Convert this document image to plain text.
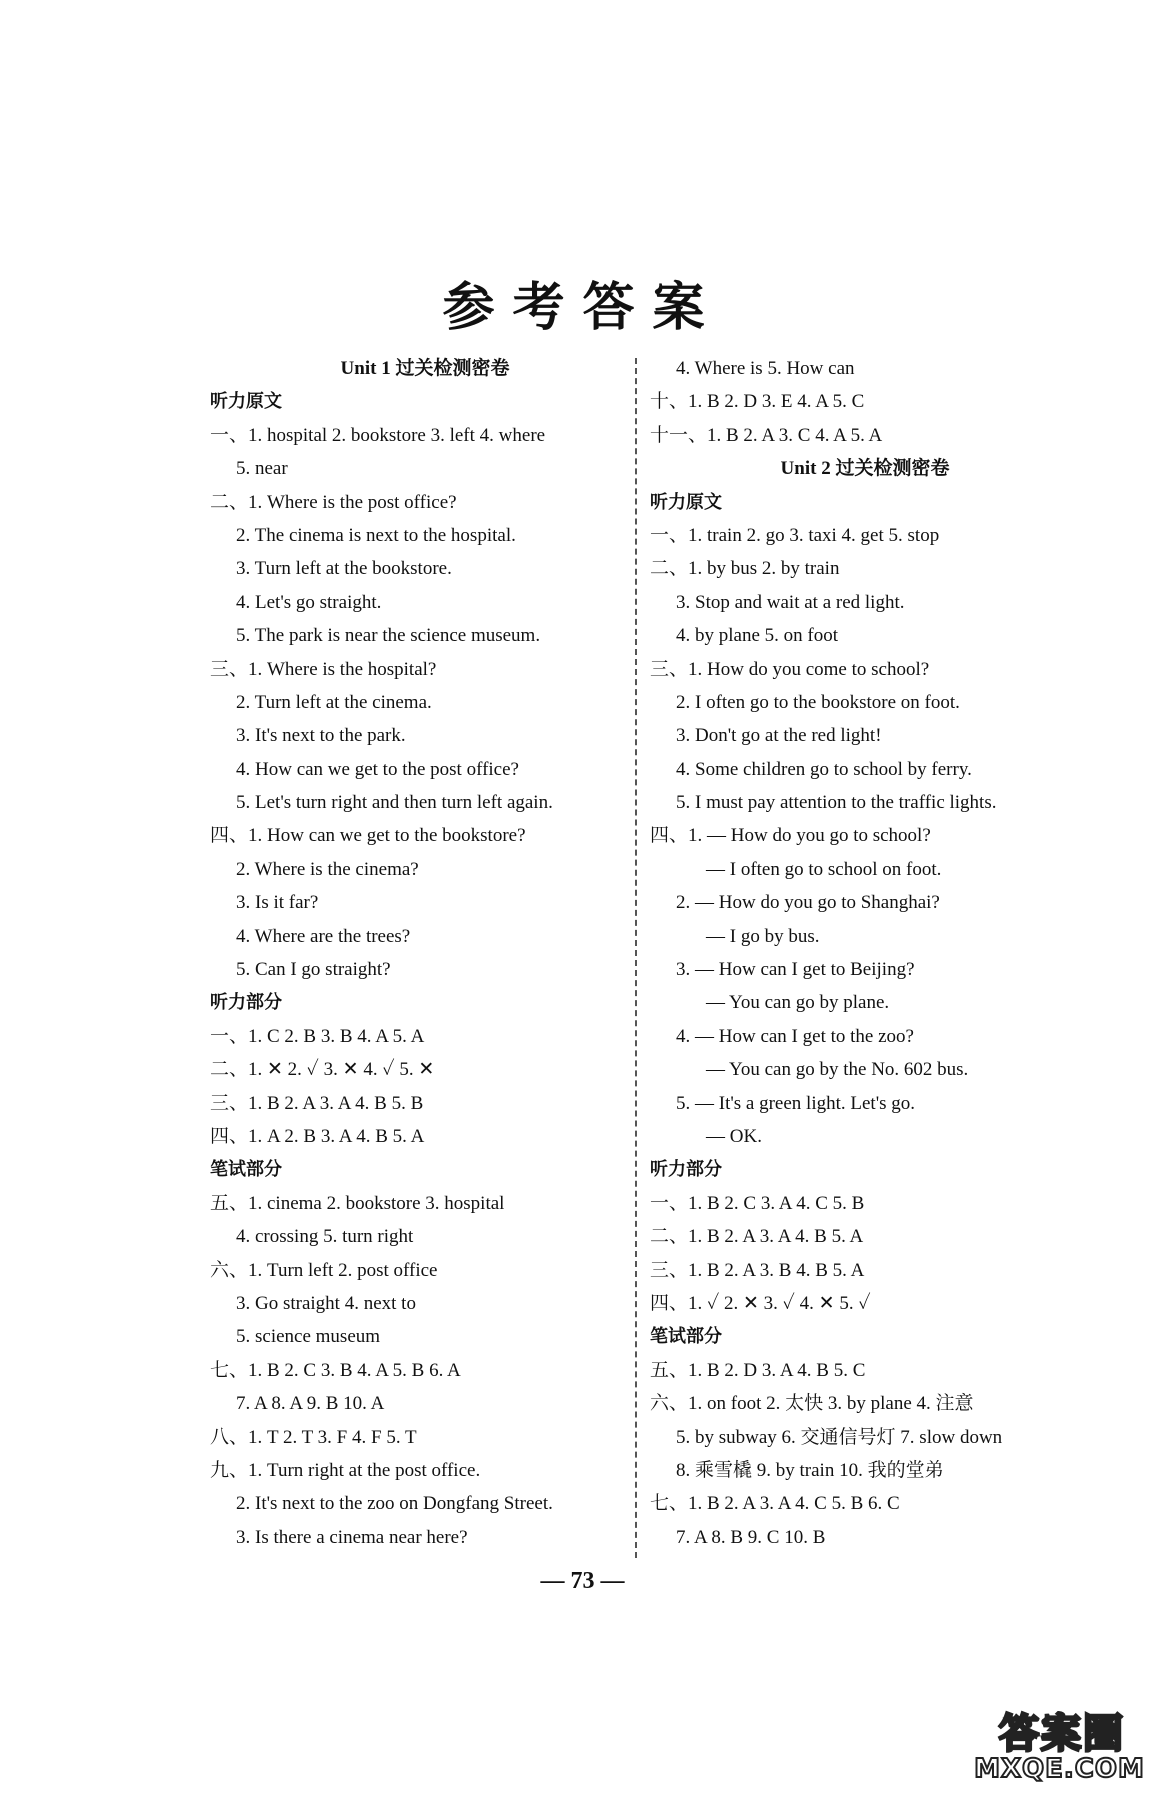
参考答案
Unit 1 过关检测密卷
听力原文
一、1. hospital 2. bookstore 3. left 4. where
5. near
二、1. Where is the post office?
2. The cinema is next to the hospital.
3. Turn left at the bookstore.
4. Let's go straight.
5. The park is near the science museum.
三、1. Where is the hospital?
2. Turn left at the cinema.
3. It's next to the park.
4. How can we get to the post office?
5. Let's turn right and then turn left again.
四、1. How can we get to the bookstore?
2. Where is the cinema?
3. Is it far?
4. Where are the trees?
5. Can I go straight?
听力部分
一、1. C 2. B 3. B 4. A 5. A
二、1. ✕ 2. ✓ 3. ✕ 4. ✓ 5. ✕
三、1. B 2. A 3. A 4. B 5. B
四、1. A 2. B 3. A 4. B 5. A
笔试部分
五、1. cinema 2. bookstore 3. hospital
4. crossing 5. turn right
六、1. Turn left 2. post office
3. Go straight 4. next to
5. science museum
七、1. B 2. C 3. B 4. A 5. B 6. A
7. A 8. A 9. B 10. A
八、1. T 2. T 3. F 4. F 5. T
九、1. Turn right at the post office.
2. It's next to the zoo on Dongfang Street.
3. Is there a cinema near here?
4. Where is 5. How can
十、1. B 2. D 3. E 4. A 5. C
十一、1. B 2. A 3. C 4. A 5. A
Unit 2 过关检测密卷
听力原文
一、1. train 2. go 3. taxi 4. get 5. stop
二、1. by bus 2. by train
3. Stop and wait at a red light.
4. by plane 5. on foot
三、1. How do you come to school?
2. I often go to the bookstore on foot.
3. Don't go at the red light!
4. Some children go to school by ferry.
5. I must pay attention to the traffic lights.
四、1. — How do you go to school?
— I often go to school on foot.
2. — How do you go to Shanghai?
— I go by bus.
3. — How can I get to Beijing?
— You can go by plane.
4. — How can I get to the zoo?
— You can go by the No. 602 bus.
5. — It's a green light. Let's go.
— OK.
听力部分
一、1. B 2. C 3. A 4. C 5. B
二、1. B 2. A 3. A 4. B 5. A
三、1. B 2. A 3. B 4. B 5. A
四、1. ✓ 2. ✕ 3. ✓ 4. ✕ 5. ✓
笔试部分
五、1. B 2. D 3. A 4. B 5. C
六、1. on foot 2. 太快 3. by plane 4. 注意
5. by subway 6. 交通信号灯 7. slow down
8. 乘雪橇 9. by train 10. 我的堂弟
七、1. B 2. A 3. A 4. C 5. B 6. C
7. A 8. B 9. C 10. B
— 73 —
答案圈
MXQE.COM
